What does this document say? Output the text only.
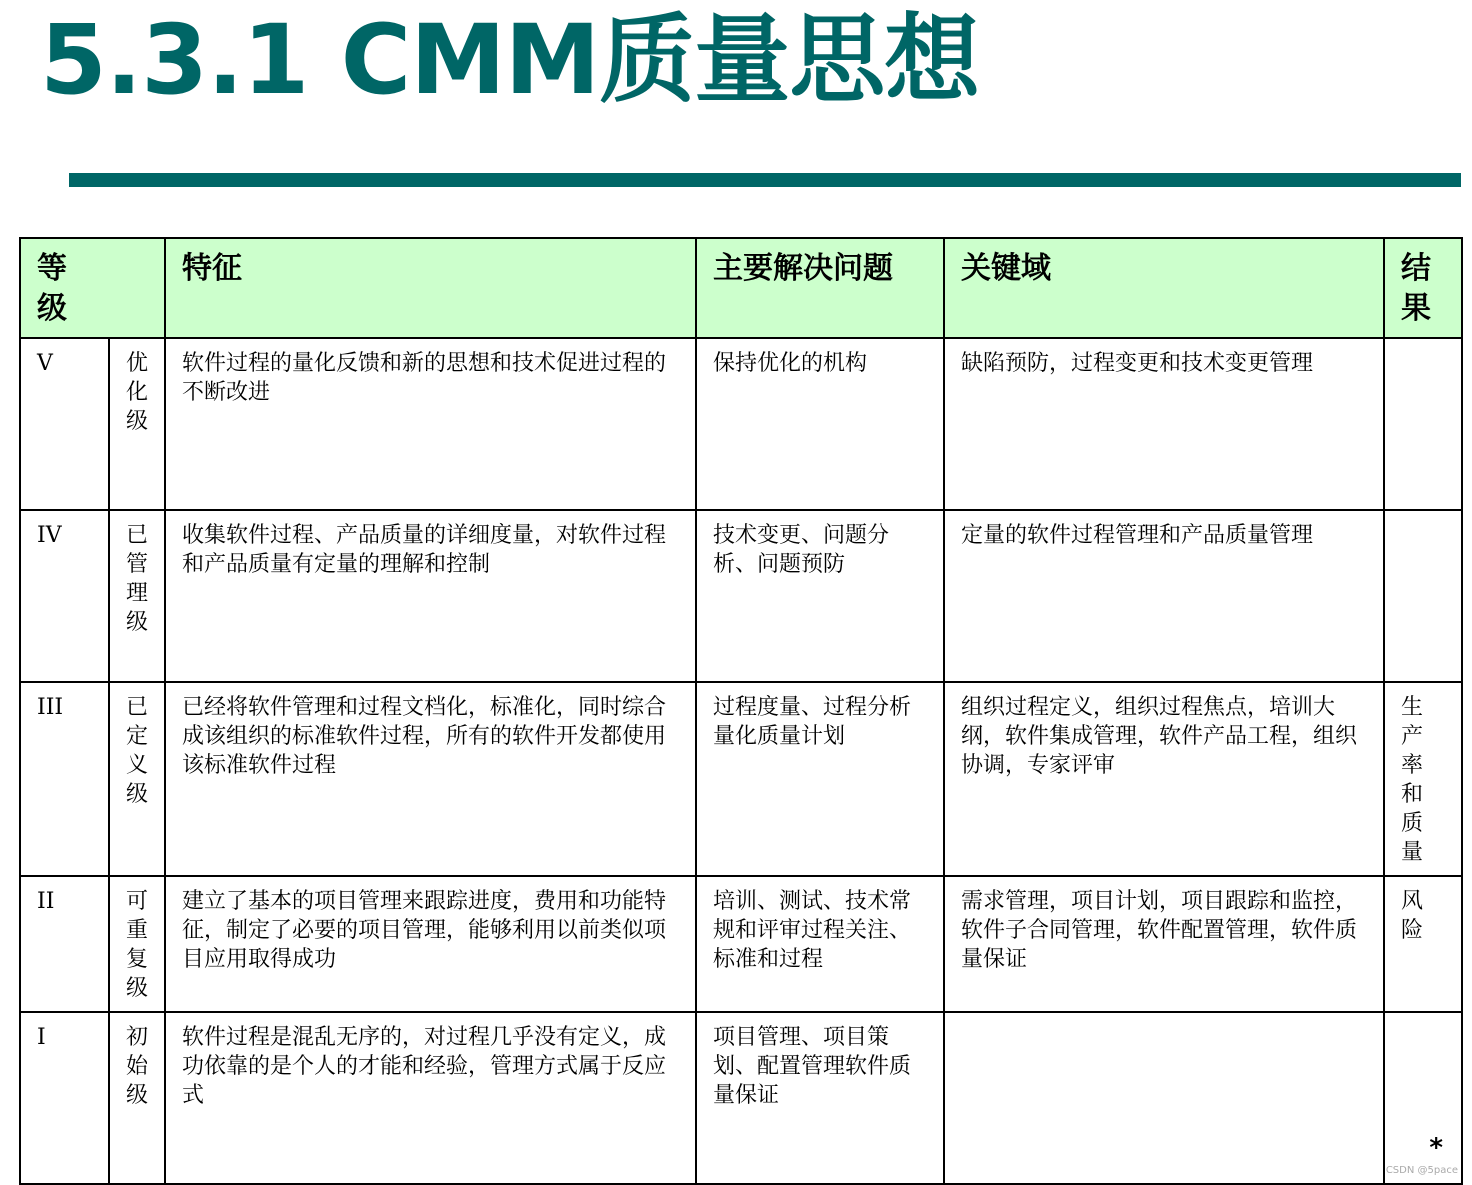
5.3.1 CMM质量思想
等级		特征	主要解决问题	关键域	结果

V	优化级	软件过程的量化反馈和新的思想和技术促进过程的不断改进	保持优化的机构	缺陷预防，过程变更和技术变更管理	

IV	已管理级	收集软件过程、产品质量的详细度量，对软件过程和产品质量有定量的理解和控制	技术变更、问题分析、问题预防	定量的软件过程管理和产品质量管理	

III	已定义级	已经将软件管理和过程文档化，标准化，同时综合成该组织的标准软件过程，所有的软件开发都使用该标准软件过程	过程度量、过程分析量化质量计划	组织过程定义，组织过程焦点，培训大纲，软件集成管理，软件产品工程，组织协调，专家评审	生产率和质量

II	可重复级	建立了基本的项目管理来跟踪进度，费用和功能特征，制定了必要的项目管理，能够利用以前类似项目应用取得成功	培训、测试、技术常规和评审过程关注、标准和过程	需求管理，项目计划，项目跟踪和监控，软件子合同管理，软件配置管理，软件质量保证	风险

I	初始级	软件过程是混乱无序的，对过程几乎没有定义，成功依靠的是个人的才能和经验，管理方式属于反应式	项目管理、项目策划、配置管理软件质量保证		*
CSDN @5pace
